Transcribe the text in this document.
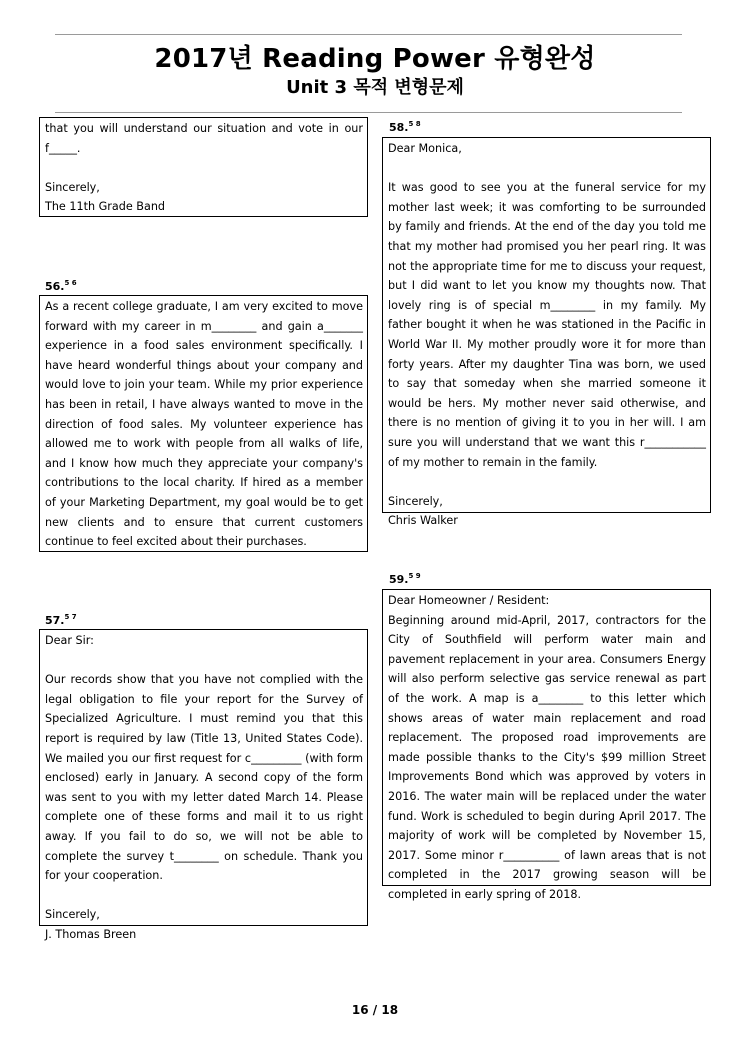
2017년 Reading Power 유형완성
Unit 3 목적 변형문제

that you will understand our situation and vote in our f_____.

Sincerely,

The 11th Grade Band

56.$^{5 6}$

As a recent college graduate, I am very excited to move forward with my career in m________ and gain a_______ experience in a food sales environment specifically. I have heard wonderful things about your company and would love to join your team. While my prior experience has been in retail, I have always wanted to move in the direction of food sales. My volunteer experience has allowed me to work with people from all walks of life, and I know how much they appreciate your company's contributions to the local charity. If hired as a member of your Marketing Department, my goal would be to get new clients and to ensure that current customers continue to feel excited about their purchases.

57.$^{5 7}$

Dear Sir:

Our records show that you have not complied with the legal obligation to file your report for the Survey of Specialized Agriculture. I must remind you that this report is required by law (Title 13, United States Code). We mailed you our first request for c_________ (with form enclosed) early in January. A second copy of the form was sent to you with my letter dated March 14. Please complete one of these forms and mail it to us right away. If you fail to do so, we will not be able to complete the survey t________ on schedule. Thank you for your cooperation.

Sincerely,

J. Thomas Breen

58.$^{5 8}$

Dear Monica,

It was good to see you at the funeral service for my mother last week; it was comforting to be surrounded by family and friends. At the end of the day you told me that my mother had promised you her pearl ring. It was not the appropriate time for me to discuss your request, but I did want to let you know my thoughts now. That lovely ring is of special m________ in my family. My father bought it when he was stationed in the Pacific in World War II. My mother proudly wore it for more than forty years. After my daughter Tina was born, we used to say that someday when she married someone it would be hers. My mother never said otherwise, and there is no mention of giving it to you in her will. I am sure you will understand that we want this r___________ of my mother to remain in the family.

Sincerely,

Chris Walker

59.$^{5 9}$

Dear Homeowner / Resident:

Beginning around mid-April, 2017, contractors for the City of Southfield will perform water main and pavement replacement in your area. Consumers Energy will also perform selective gas service renewal as part of the work. A map is a________ to this letter which shows areas of water main replacement and road replacement. The proposed road improvements are made possible thanks to the City's $99 million Street Improvements Bond which was approved by voters in 2016. The water main will be replaced under the water fund. Work is scheduled to begin during April 2017. The majority of work will be completed by November 15, 2017. Some minor r__________ of lawn areas that is not completed in the 2017 growing season will be completed in early spring of 2018.

16 / 18
